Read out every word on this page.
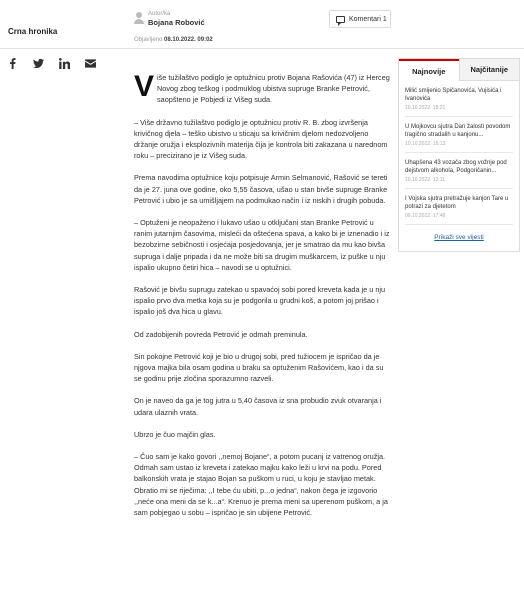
Crna hronika
Autor/ka
Bojana Robović	Komentari
1
Objavljeno 08.10.2022. 09:02

Više tužilaštvo podiglo je optužnicu protiv Bojana Rašovića (47) iz Herceg Novog zbog teškog i podmuklog ubistva supruge Branke Petrović, saopšteno je Pobjedi iz Višeg suda.

– Više državno tužilaštvo podiglo je optužnicu protiv R. B. zbog izvršenja krivičnog djela – teško ubistvo u sticaju sa krivičnim djelom nedozvoljeno držanje oružja i eksplozivnih materija čija je kontrola biti zakazana u narednom roku – precizirano je iz Višeg suda.

Prema navodima optužnice koju potpisuje Armin Selmanović, Rašović se tereti da je 27. juna ove godine, oko 5,55 časova, ušao u stan bivše supruge Branke Petrović i ubio je sa umišljajem na podmukao način i iz niskih i drugih pobuda.

– Optuženi je neopaženo i lukavo ušao u otključani stan Branke Petrović u ranim jutarnjim časovima, misleći da oštećena spava, a kako bi je iznenadio i iz bezobzirne sebičnosti i osjećaja posjedovanja, jer je smatrao da mu kao bivša supruga i dalje pripada i da ne može biti sa drugim muškarcem, iz puške u nju ispalio ukupno četiri hica – navodi se u optužnici.

Rašović je bivšu suprugu zatekao u spavaćoj sobi pored kreveta kada je u nju ispalio prvo dva metka koja su je podgorila u grudni koš, a potom joj prišao i ispalio još dva hica u glavu.

Od zadobijenih povreda Petrović je odmah preminula.

Sin pokojne Petrović koji je bio u drugoj sobi, pred tužiocem je ispričao da je njgova majka bila osam godina u braku sa optuženim Rašovićem, kao i da su se godinu prije zločina sporazumno razveli.

On je naveo da ga je tog jutra u 5,40 časova iz sna probudio zvuk otvaranja i udara ulaznih vrata.

Ubrzo je čuo majčin glas.

– Čuo sam je kako govori ,,nemoj Bojane“, a potom pucanj iz vatrenog oružja. Odmah sam ustao iz kreveta i zatekao majku kako leži u krvi na podu. Pored balkonskih vrata je stajao Bojan sa puškom u ruci, u koju je stavljao metak. Obratio mi se riječima: ,,I tebe ću ubiti, p...o jedna“, nakon čega je izgovorio ,,neće ona meni da se k...a“. Krenuo je prema meni sa uperenom puškom, a ja sam pobjegao u sobu – ispričao je sin ubijene Petrović.

Najnovije	Najčitanije
Milić smijenio Spičanovića, Vujisića i Ivanovića
10.10.2022. 18:21
U Mojkovcu sjutra Dan žalosti povodom tragično stradalih u kanjonu...
10.10.2022. 15:13
Uhapšena 43 vozača zbog vožnje pod dejstvom alkohola, Podgoričanin...
10.10.2022. 12:11
I Vojska sjutra pretražuje kanjon Tare u potrazi za djetetom
09.10.2022. 17:48
Prikaži sve vijesti
